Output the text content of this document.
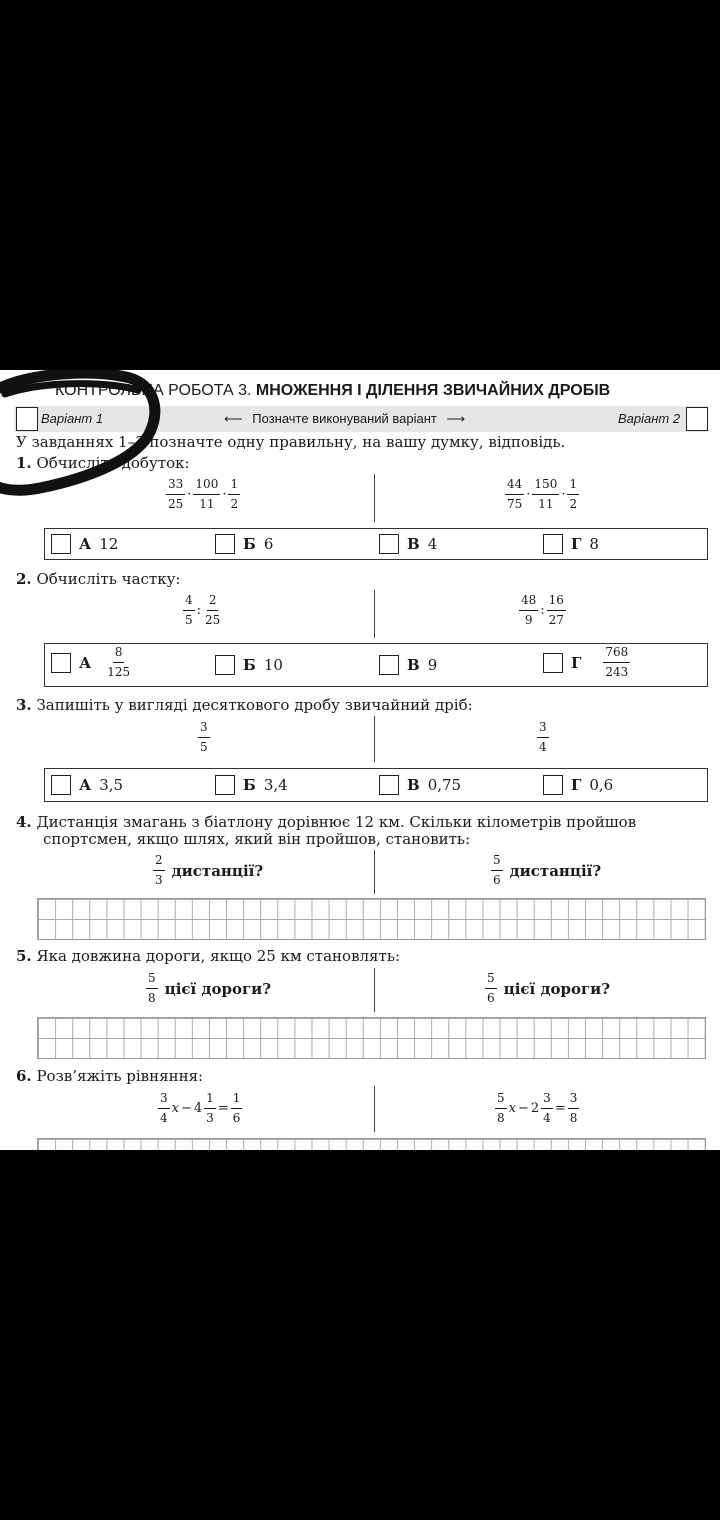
КОНТРОЛЬНА РОБОТА 3. МНОЖЕННЯ І ДІЛЕННЯ ЗВИЧАЙНИХ ДРОБІВ
Варіант 1	⟵ Позначте виконуваний варіант ⟶	Варіант 2
У завданнях 1–3 позначте одну правильну, на вашу думку, відповідь.
1. Обчисліть добуток:
$\frac{33}{25} \cdot \frac{100}{11} \cdot \frac{1}{2}$	$\frac{44}{75} \cdot \frac{150}{11} \cdot \frac{1}{2}$
А 12	Б 6	В 4	Г 8
2. Обчисліть частку:
$\frac{4}{5}$ : $\frac{2}{25}$	$\frac{48}{9}$ : $\frac{16}{27}$
А $\frac{8}{125}$	Б 10	В 9	Г $\frac{768}{243}$
3. Запишіть у вигляді десяткового дробу звичайний дріб:
$\frac{3}{5}$	$\frac{3}{4}$
А 3,5	Б 3,4	В 0,75	Г 0,6
4. Дистанція змагань з біатлону дорівнює 12 км. Скільки кілометрів пройшов
спортсмен, якщо шлях, який він пройшов, становить:
$\frac{2}{3}$ дистанції?	$\frac{5}{6}$ дистанції?
5. Яка довжина дороги, якщо 25 км становлять:
$\frac{5}{8}$ цієї дороги?	$\frac{5}{6}$ цієї дороги?
6. Розв’яжіть рівняння:
$\frac{3}{4}$ $x - 4 \frac{1}{3} = \frac{1}{6}$	$\frac{5}{8}$ $x - 2 \frac{3}{4} = \frac{3}{8}$
